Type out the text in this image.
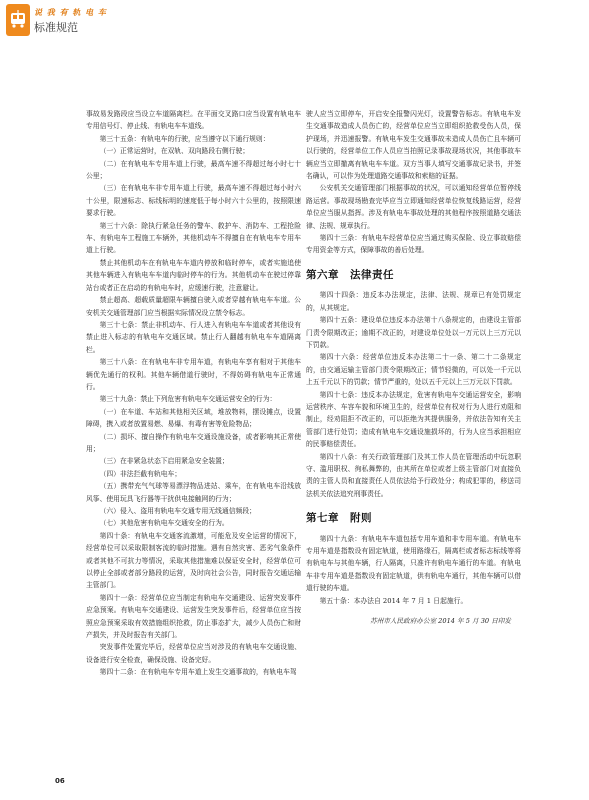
说 我 有 轨 电 车
标准规范

事故易发路段应当设立车道隔离栏。在平面交叉路口应当设置有轨电车专用信号灯、停止线、有轨电车车道线。

第三十五条：有轨电车的行驶，应当遵守以下通行规则：

（一）正常运营时，在双轨、双向路段右侧行驶；

（二）在有轨电车专用车道上行驶，最高车速不得超过每小时七十公里；

（三）在有轨电车非专用车道上行驶，最高车速不得超过每小时六十公里，限速标志、标线标明的速度低于每小时六十公里的，按照限速要求行驶。

第三十六条：除执行紧急任务的警车、救护车、消防车、工程抢险车、有轨电车工程施工车辆外，其他机动车不得擅自在有轨电车专用车道上行驶。

禁止其他机动车在有轨电车车道内停放和临时停车，或者实施追使其他车辆进入有轨电车车道内临时停车的行为。其他机动车在驶过停靠站台或者正在启动的有轨电车时，应缓速行驶，注意避让。

禁止超高、超载质量超限车辆擅自驶入或者穿越有轨电车车道。公安机关交通管理部门应当根据实际情况设立禁令标志。

第三十七条：禁止非机动车、行人进入有轨电车车道或者其他设有禁止进入标志的有轨电车交通区域。禁止行人翻越有轨电车车道隔离栏。

第三十八条：在有轨电车非专用车道，有轨电车享有相对于其他车辆优先通行的权利。其他车辆借道行驶时，不得妨碍有轨电车正常通行。

第三十九条：禁止下列危害有轨电车交通运营安全的行为：

（一）在车道、车站和其他相关区域，堆放物料，摆设摊点，设置障碍，携入或者放置易燃、易爆、有毒有害等危险物品；

（二）损坏、擅自操作有轨电车交通设施设备，或者影响其正常使用；

（三）在非紧急状态下启用紧急安全装置；

（四）非法拦截有轨电车；

（五）携带充气气球等易漂浮物品进站、乘车，在有轨电车沿线放风筝、使用玩具飞行器等干扰供电接触网的行为；

（六）侵入、盗用有轨电车交通专用无线通信频段；

（七）其他危害有轨电车交通安全的行为。

第四十条：有轨电车交通客流激增，可能危及安全运营的情况下，经营单位可以采取限制客流的临时措施。遇有自然灾害、恶劣气象条件或者其他不可抗力等情况，采取其他措施难以保证安全时，经营单位可以停止全部或者部分路段的运营，及时向社会公告，同时报告交通运输主管部门。

第四十一条：经营单位应当制定有轨电车交通建设、运营突发事件应急预案。有轨电车交通建设、运营发生突发事件后，经营单位应当按照应急预案采取有效措施组织抢救，防止事态扩大，减少人员伤亡和财产损失，并及时报告有关部门。

突发事件处置完毕后，经营单位应当对涉及的有轨电车交通设施、设备进行安全检查，确保设施、设备完好。

第四十二条：在有轨电车专用车道上发生交通事故的，有轨电车驾

驶人应当立即停车，开启安全报警闪光灯，设置警告标志。有轨电车发生交通事故造成人员伤亡的，经营单位应当立即组织抢救受伤人员，保护现场，并迅速报警。有轨电车发生交通事故未造成人员伤亡且车辆可以行驶的，经营单位工作人员应当拍照记录事故现场状况，其他事故车辆应当立即撤离有轨电车车道。双方当事人填写交通事故记录书，并签名确认，可以作为处理道路交通事故和索赔的证据。

公安机关交通管理部门根据事故的状况，可以通知经营单位暂停线路运营。事故现场勘查完毕应当立即通知经营单位恢复线路运营，经营单位应当服从指挥。涉及有轨电车事故处理的其他程序按照道路交通法律、法规、规章执行。

第四十三条：有轨电车经营单位应当通过购买保险、设立事故赔偿专用资金等方式，保障事故的善后处理。

第六章　法律责任

第四十四条：违反本办法规定，法律、法规、规章已有处罚规定的，从其规定。

第四十五条：建设单位违反本办法第十八条规定的，由建设主管部门责令限期改正；逾期不改正的，对建设单位处以一万元以上三万元以下罚款。

第四十六条：经营单位违反本办法第二十一条、第二十二条规定的，由交通运输主管部门责令限期改正；情节轻微的，可以处一千元以上五千元以下的罚款；情节严重的，处以五千元以上三万元以下罚款。

第四十七条：违反本办法规定，危害有轨电车交通运营安全，影响运营秩序、车容车貌和环境卫生的，经营单位有权对行为人进行劝阻和制止，经劝阻拒不改正的，可以拒绝为其提供服务，并依法告知有关主管部门进行处罚；造成有轨电车交通设施损坏的，行为人应当承担相应的民事赔偿责任。

第四十八条：有关行政管理部门及其工作人员在管理活动中玩忽职守、滥用职权、徇私舞弊的，由其所在单位或者上级主管部门对直接负责的主管人员和直接责任人员依法给予行政处分；构成犯罪的，移送司法机关依法追究刑事责任。

第七章　附则

第四十九条：有轨电车车道包括专用车道和非专用车道。有轨电车专用车道是指数设有固定轨道，使用路缘石，隔离栏或者标志标线等将有轨电车与其他车辆，行人隔离，只准许有轨电车通行的车道。有轨电车非专用车道是指数设有固定轨道，供有轨电车通行，其他车辆可以借道行驶的车道。

第五十条：本办法自 2014 年 7 月 1 日起施行。

苏州市人民政府办公室 2014 年 5 月 30 日印发
06
